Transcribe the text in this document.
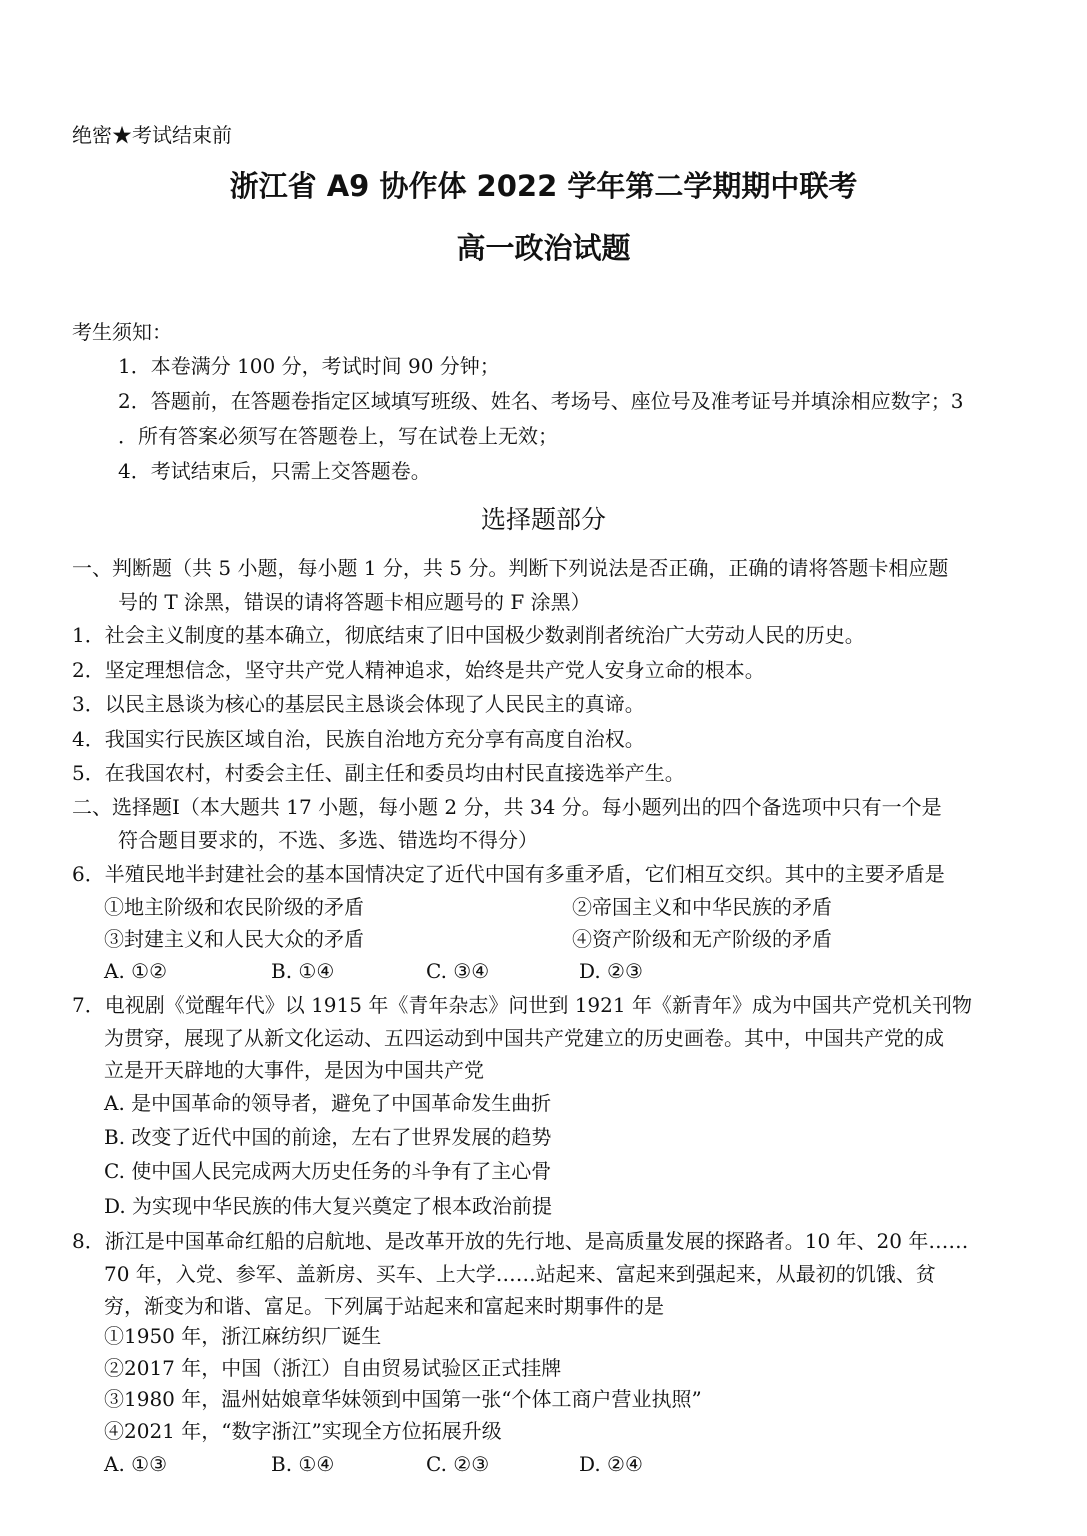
绝密★考试结束前
浙江省 A9 协作体 2022 学年第二学期期中联考
高一政治试题
考生须知：
1．本卷满分 100 分，考试时间 90 分钟；
2．答题前，在答题卷指定区域填写班级、姓名、考场号、座位号及准考证号并填涂相应数字；3
．所有答案必须写在答题卷上，写在试卷上无效；
4．考试结束后，只需上交答题卷。
选择题部分
一、判断题（共 5 小题，每小题 1 分，共 5 分。判断下列说法是否正确，正确的请将答题卡相应题
号的 T 涂黑，错误的请将答题卡相应题号的 F 涂黑）
1．社会主义制度的基本确立，彻底结束了旧中国极少数剥削者统治广大劳动人民的历史。
2．坚定理想信念，坚守共产党人精神追求，始终是共产党人安身立命的根本。
3．以民主恳谈为核心的基层民主恳谈会体现了人民民主的真谛。
4．我国实行民族区域自治，民族自治地方充分享有高度自治权。
5．在我国农村，村委会主任、副主任和委员均由村民直接选举产生。
二、选择题Ⅰ（本大题共 17 小题，每小题 2 分，共 34 分。每小题列出的四个备选项中只有一个是
符合题目要求的，不选、多选、错选均不得分）
6．半殖民地半封建社会的基本国情决定了近代中国有多重矛盾，它们相互交织。其中的主要矛盾是
①地主阶级和农民阶级的矛盾	②帝国主义和中华民族的矛盾
③封建主义和人民大众的矛盾	④资产阶级和无产阶级的矛盾
A. ①②	B. ①④	C. ③④	D. ②③
7．电视剧《觉醒年代》以 1915 年《青年杂志》问世到 1921 年《新青年》成为中国共产党机关刊物
为贯穿，展现了从新文化运动、五四运动到中国共产党建立的历史画卷。其中，中国共产党的成
立是开天辟地的大事件，是因为中国共产党
A. 是中国革命的领导者，避免了中国革命发生曲折
B. 改变了近代中国的前途，左右了世界发展的趋势
C. 使中国人民完成两大历史任务的斗争有了主心骨
D. 为实现中华民族的伟大复兴奠定了根本政治前提
8．浙江是中国革命红船的启航地、是改革开放的先行地、是高质量发展的探路者。10 年、20 年……
70 年，入党、参军、盖新房、买车、上大学……站起来、富起来到强起来，从最初的饥饿、贫
穷，渐变为和谐、富足。下列属于站起来和富起来时期事件的是
①1950 年，浙江麻纺织厂诞生
②2017 年，中国（浙江）自由贸易试验区正式挂牌
③1980 年，温州姑娘章华妹领到中国第一张“个体工商户营业执照”
④2021 年，“数字浙江”实现全方位拓展升级
A. ①③	B. ①④	C. ②③	D. ②④
